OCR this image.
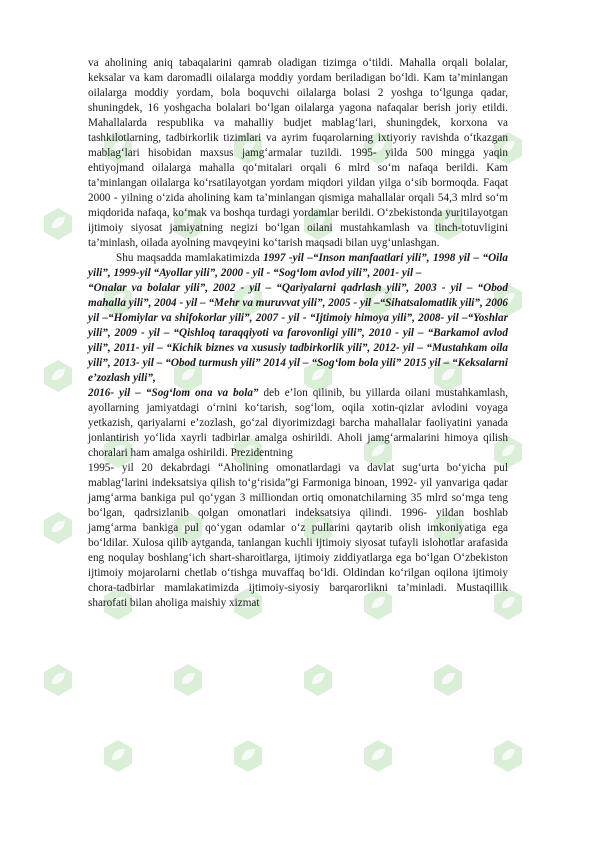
va aholining aniq tabaqalarini qamrab oladigan tizimga o‘tildi. Mahalla orqali bolalar, keksalar va kam daromadli oilalarga moddiy yordam beriladigan bo‘ldi. Kam ta’minlangan oilalarga moddiy yordam, bola boquvchi oilalarga bolasi 2 yoshga to‘lgunga qadar, shuningdek, 16 yoshgacha bolalari bo‘lgan oilalarga yagona nafaqalar berish joriy etildi. Mahallalarda respublika va mahalliy budjet mablag‘lari, shuningdek, korxona va tashkilotlarning, tadbirkorlik tizimlari va ayrim fuqarolarning ixtiyoriy ravishda o‘tkazgan mablag‘lari hisobidan maxsus jamg‘armalar tuzildi. 1995- yilda 500 mingga yaqin ehtiyojmand oilalarga mahalla qo‘mitalari orqali 6 mlrd so‘m nafaqa berildi. Kam ta’minlangan oilalarga ko‘rsatilayotgan yordam miqdori yildan yilga o‘sib bormoqda. Faqat 2000 - yilning o‘zida aholining kam ta’minlangan qismiga mahallalar orqali 54,3 mlrd so‘m miqdorida nafaqa, ko‘mak va boshqa turdagi yordamlar berildi. O‘zbekistonda yuritilayotgan ijtimoiy siyosat jamiyatning negizi bo‘lgan oilani mustahkamlash va tinch-totuvligini ta’minlash, oilada ayolning mavqeyini ko‘tarish maqsadi bilan uyg‘unlashgan.

Shu maqsadda mamlakatimizda 1997 -yil –“Inson manfaatlari yili”, 1998 yil – “Oila yili”, 1999-yil “Ayollar yili”, 2000 - yil - “Sog‘lom avlod yili”, 2001- yil –

“Onalar va bolalar yili”, 2002 - yil – “Qariyalarni qadrlash yili”, 2003 - yil – “Obod mahalla yili”, 2004 - yil – “Mehr va muruvvat yili”, 2005 - yil –“Sihatsalomatlik yili”, 2006 yil –“Homiylar va shifokorlar yili”, 2007 - yil - “Ijtimoiy himoya yili”, 2008- yil –“Yoshlar yili”, 2009 - yil – “Qishloq taraqqiyoti va farovonligi yili”, 2010 - yil – “Barkamol avlod yili”, 2011- yil – “Kichik biznes va xususiy tadbirkorlik yili”, 2012- yil – “Mustahkam oila yili”, 2013- yil – “Obod turmush yili” 2014 yil – “Sog‘lom bola yili” 2015 yil – “Keksalarni e’zozlash yili”,

2016- yil – “Sog‘lom ona va bola” deb e’lon qilinib, bu yillarda oilani mustahkamlash, ayollarning jamiyatdagi o‘rnini ko‘tarish, sog‘lom, oqila xotin-qizlar avlodini voyaga yetkazish, qariyalarni e’zozlash, go‘zal diyorimizdagi barcha mahallalar faoliyatini yanada jonlantirish yo‘lida xayrli tadbirlar amalga oshirildi. Aholi jamg‘armalarini himoya qilish choralari ham amalga oshirildi. Prezidentning

1995- yil 20 dekabrdagi “Aholining omonatlardagi va davlat sug‘urta bo‘yicha pul mablag‘larini indeksatsiya qilish to‘g‘risida”gi Farmoniga binoan, 1992- yil yanvariga qadar jamg‘arma bankiga pul qo‘ygan 3 milliondan ortiq omonatchilarning 35 mlrd so‘mga teng bo‘lgan, qadrsizlanib qolgan omonatlari indeksatsiya qilindi. 1996- yildan boshlab jamg‘arma bankiga pul qo‘ygan odamlar o‘z pullarini qaytarib olish imkoniyatiga ega bo‘ldilar. Xulosa qilib aytganda, tanlangan kuchli ijtimoiy siyosat tufayli islohotlar arafasida eng noqulay boshlang‘ich shart-sharoitlarga, ijtimoiy ziddiyatlarga ega bo‘lgan O‘zbekiston ijtimoiy mojarolarni chetlab o‘tishga muvaffaq bo‘ldi. Oldindan ko‘rilgan oqilona ijtimoiy chora-tadbirlar mamlakatimizda ijtimoiy-siyosiy barqarorlikni ta’minladi. Mustaqillik sharofati bilan aholiga maishiy xizmat
